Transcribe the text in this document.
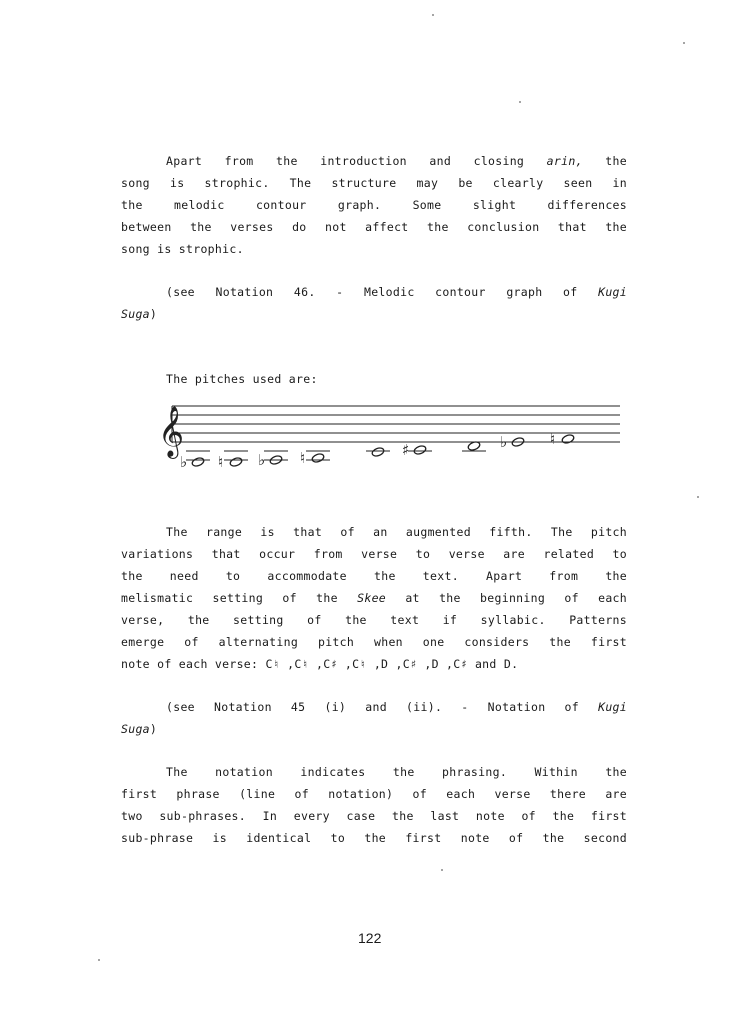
Apart from the introduction and closing arin, the
song is strophic. The structure may be clearly seen in
the melodic contour graph. Some slight differences
between the verses do not affect the conclusion that the
song is strophic.
(see Notation 46. - Melodic contour graph of Kugi
Suga)
The pitches used are:
𝄞
♭ ♮ ♭ ♮	♯	♭	♮
The range is that of an augmented fifth. The pitch
variations that occur from verse to verse are related to
the need to accommodate the text. Apart from the
melismatic setting of the Skee at the beginning of each
verse, the setting of the text if syllabic. Patterns
emerge of alternating pitch when one considers the first
note of each verse: C♮ ,C♮ ,C♯ ,C♮ ,D ,C♯ ,D ,C♯ and D.
(see Notation 45 (i) and (ii). - Notation of Kugi
Suga)
The notation indicates the phrasing. Within the
first phrase (line of notation) of each verse there are
two sub-phrases. In every case the last note of the first
sub-phrase is identical to the first note of the second
122
